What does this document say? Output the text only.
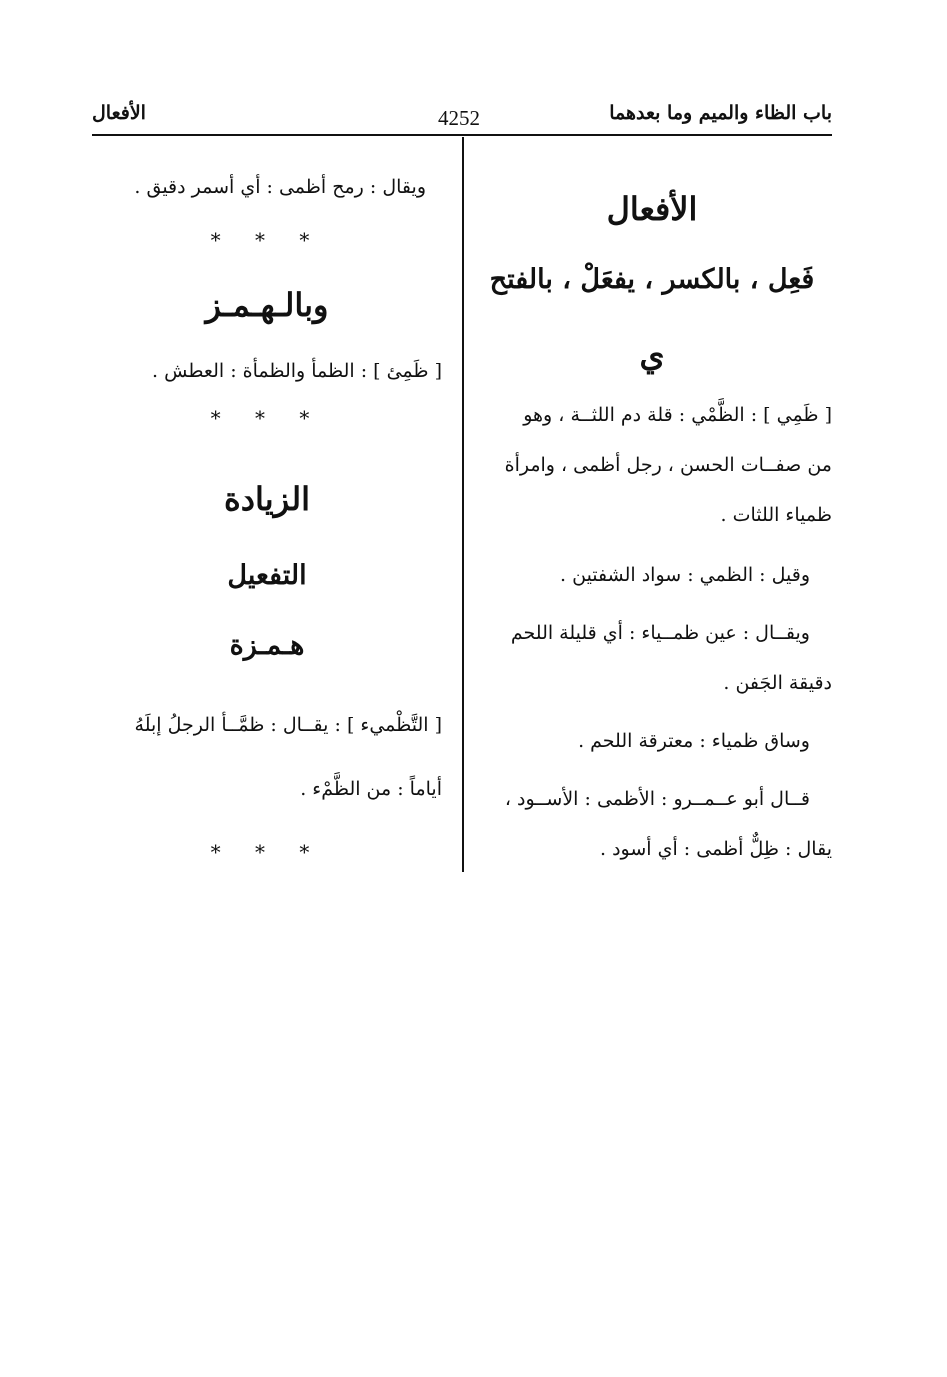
باب الظاء والميم وما بعدهما
4252
الأفعال
الأفعال
فَعِل ، بالكسر ، يفعَلْ ، بالفتح
ي
[ ظَمِي ] : الظَّمْي : قلة دم اللثــة ، وهو
من صفــات الحسن ، رجل أظمى ، وامرأة
ظمياء اللثات .
وقيل : الظمي : سواد الشفتين .
ويقــال : عين ظمــياء : أي قليلة اللحم
دقيقة الجَفن .
وساق ظمياء : معترقة اللحم .
قــال أبو عــمــرو : الأظمى : الأســود ،
يقال : ظِلٌّ أظمى : أي أسود .
ويقال : رمح أظمى : أي أسمر دقيق .
* * *
وبالـهـمـز
[ ظَمِئ ] : الظمأ والظمأة : العطش .
* * *
الزيادة
التفعيل
هـمـزة
[ التَّظْميء ] : يقــال : ظمَّــأ الرجلُ إبلَهُ
أياماً : من الظَّمْء .
* * *
